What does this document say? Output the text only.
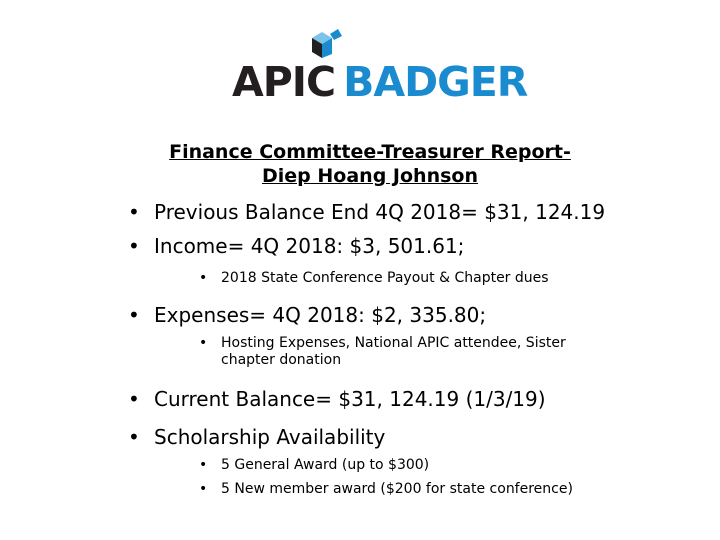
APIC BADGER
Finance Committee-Treasurer Report-Diep Hoang Johnson
• Previous Balance End 4Q 2018= $31, 124.19
• Income= 4Q 2018: $3, 501.61;
• 2018 State Conference Payout & Chapter dues
• Expenses= 4Q 2018: $2, 335.80;
• Hosting Expenses, National APIC attendee, Sister
chapter donation
• Current Balance= $31, 124.19 (1/3/19)
• Scholarship Availability
• 5 General Award (up to $300)
• 5 New member award ($200 for state conference)
